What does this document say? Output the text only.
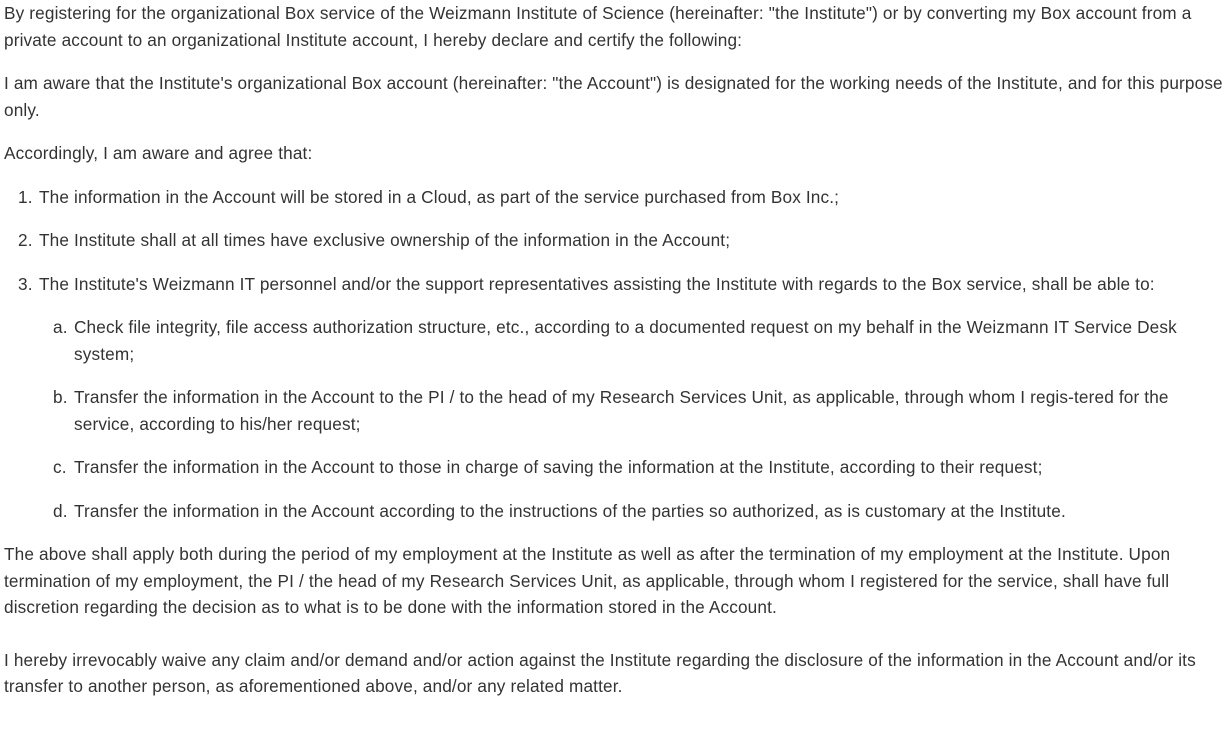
By registering for the organizational Box service of the Weizmann Institute of Science (hereinafter: "the Institute") or by converting my Box account from a private account to an organizational Institute account, I hereby declare and certify the following:

I am aware that the Institute's organizational Box account (hereinafter: "the Account") is designated for the working needs of the Institute, and for this purpose only.

Accordingly, I am aware and agree that:

1. The information in the Account will be stored in a Cloud, as part of the service purchased from Box Inc.;
2. The Institute shall at all times have exclusive ownership of the information in the Account;
3. The Institute's Weizmann IT personnel and/or the support representatives assisting the Institute with regards to the Box service, shall be able to:
a. Check file integrity, file access authorization structure, etc., according to a documented request on my behalf in the Weizmann IT Service Desk system;
b. Transfer the information in the Account to the PI / to the head of my Research Services Unit, as applicable, through whom I regis-tered for the service, according to his/her request;
c. Transfer the information in the Account to those in charge of saving the information at the Institute, according to their request;
d. Transfer the information in the Account according to the instructions of the parties so authorized, as is customary at the Institute.

The above shall apply both during the period of my employment at the Institute as well as after the termination of my employment at the Institute. Upon termination of my employment, the PI / the head of my Research Services Unit, as applicable, through whom I registered for the service, shall have full discretion regarding the decision as to what is to be done with the information stored in the Account.

I hereby irrevocably waive any claim and/or demand and/or action against the Institute regarding the disclosure of the information in the Account and/or its transfer to another person, as aforementioned above, and/or any related matter.
